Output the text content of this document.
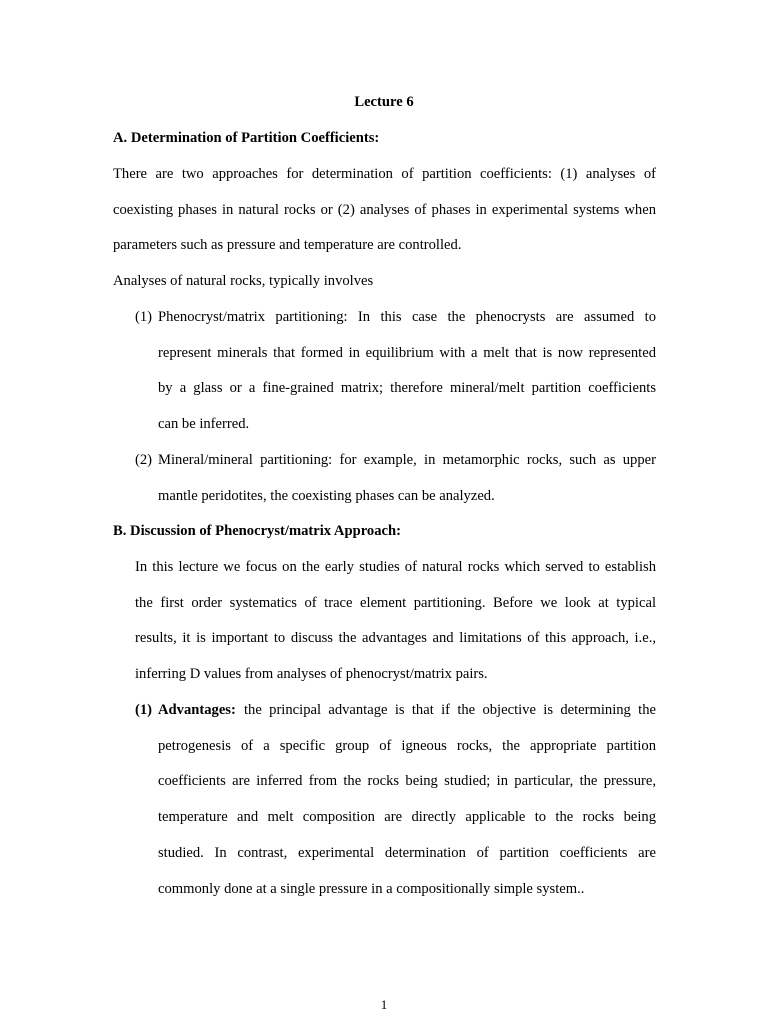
Lecture 6
A. Determination of Partition Coefficients:
There are two approaches for determination of partition coefficients: (1) analyses of
coexisting phases in natural rocks or (2) analyses of phases in experimental systems when
parameters such as pressure and temperature are controlled.
Analyses of natural rocks, typically involves
(1) Phenocryst/matrix partitioning: In this case the phenocrysts are assumed to
represent minerals that formed in equilibrium with a melt that is now represented
by a glass or a fine-grained matrix; therefore mineral/melt partition coefficients
can be inferred.
(2) Mineral/mineral partitioning: for example, in metamorphic rocks, such as upper
mantle peridotites, the coexisting phases can be analyzed.
B. Discussion of Phenocryst/matrix Approach:
In this lecture we focus on the early studies of natural rocks which served to establish
the first order systematics of trace element partitioning. Before we look at typical
results, it is important to discuss the advantages and limitations of this approach, i.e.,
inferring D values from analyses of phenocryst/matrix pairs.
(1) Advantages: the principal advantage is that if the objective is determining the
petrogenesis of a specific group of igneous rocks, the appropriate partition
coefficients are inferred from the rocks being studied; in particular, the pressure,
temperature and melt composition are directly applicable to the rocks being
studied. In contrast, experimental determination of partition coefficients are
commonly done at a single pressure in a compositionally simple system..
1
